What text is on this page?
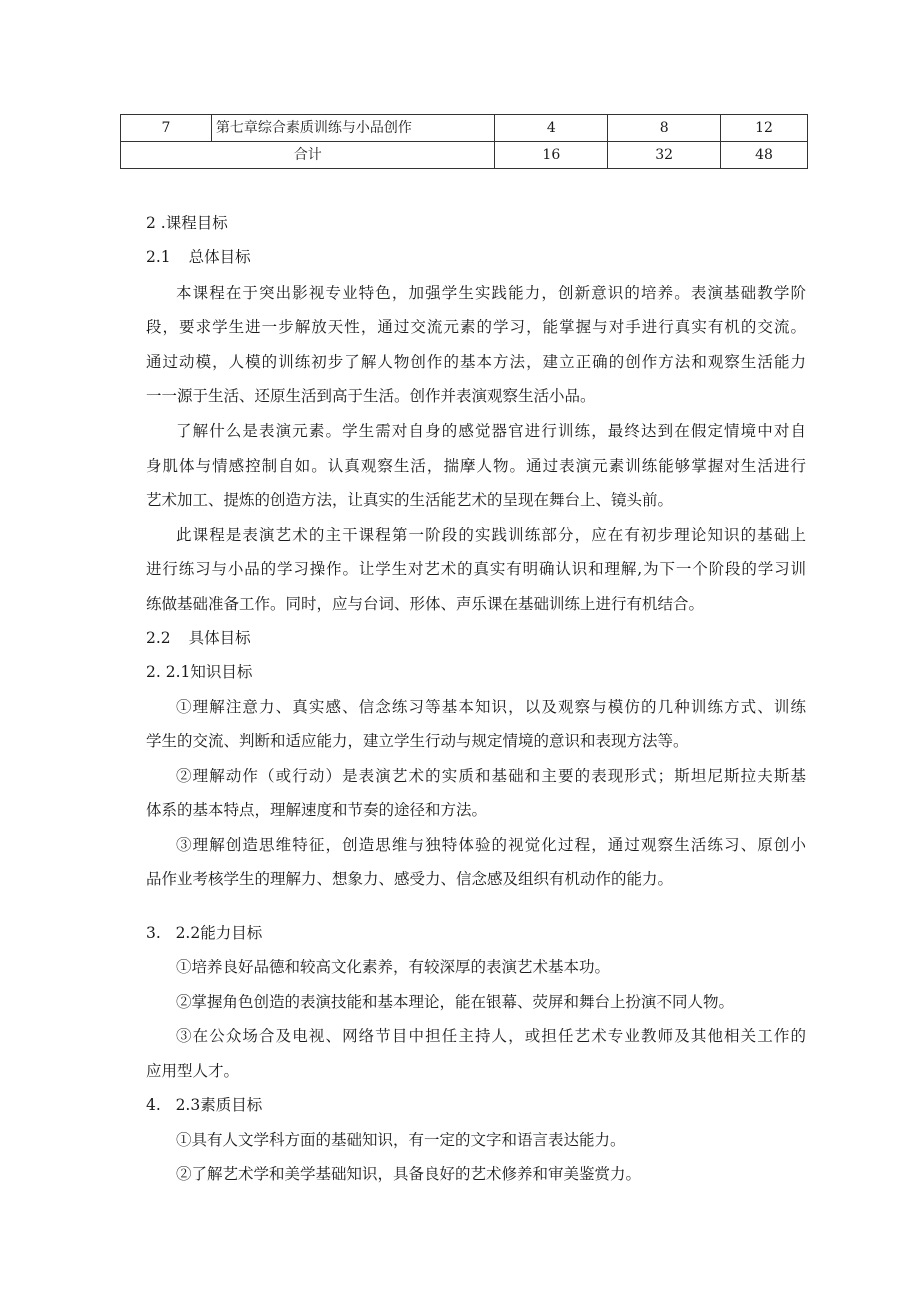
7	第七章综合素质训练与小品创作	4	8	12
合计		16	32	48
2 .课程目标
2.1 总体目标
本课程在于突出影视专业特色，加强学生实践能力，创新意识的培养。表演基础教学阶
段，要求学生进一步解放天性，通过交流元素的学习，能掌握与对手进行真实有机的交流。
通过动模，人模的训练初步了解人物创作的基本方法，建立正确的创作方法和观察生活能力
一一源于生活、还原生活到高于生活。创作并表演观察生活小品。
了解什么是表演元素。学生需对自身的感觉器官进行训练，最终达到在假定情境中对自
身肌体与情感控制自如。认真观察生活，揣摩人物。通过表演元素训练能够掌握对生活进行
艺术加工、提炼的创造方法，让真实的生活能艺术的呈现在舞台上、镜头前。
此课程是表演艺术的主干课程第一阶段的实践训练部分，应在有初步理论知识的基础上
进行练习与小品的学习操作。让学生对艺术的真实有明确认识和理解,为下一个阶段的学习训
练做基础准备工作。同时，应与台词、形体、声乐课在基础训练上进行有机结合。
2.2 具体目标
2. 2.1知识目标
①理解注意力、真实感、信念练习等基本知识，以及观察与模仿的几种训练方式、训练
学生的交流、判断和适应能力，建立学生行动与规定情境的意识和表现方法等。
②理解动作（或行动）是表演艺术的实质和基础和主要的表现形式；斯坦尼斯拉夫斯基
体系的基本特点，理解速度和节奏的途径和方法。
③理解创造思维特征，创造思维与独特体验的视觉化过程，通过观察生活练习、原创小
品作业考核学生的理解力、想象力、感受力、信念感及组织有机动作的能力。
3.   2.2能力目标
①培养良好品德和较高文化素养，有较深厚的表演艺术基本功。
②掌握角色创造的表演技能和基本理论，能在银幕、荧屏和舞台上扮演不同人物。
③在公众场合及电视、网络节目中担任主持人，或担任艺术专业教师及其他相关工作的
应用型人才。
4.   2.3素质目标
①具有人文学科方面的基础知识，有一定的文字和语言表达能力。
②了解艺术学和美学基础知识，具备良好的艺术修养和审美鉴赏力。
